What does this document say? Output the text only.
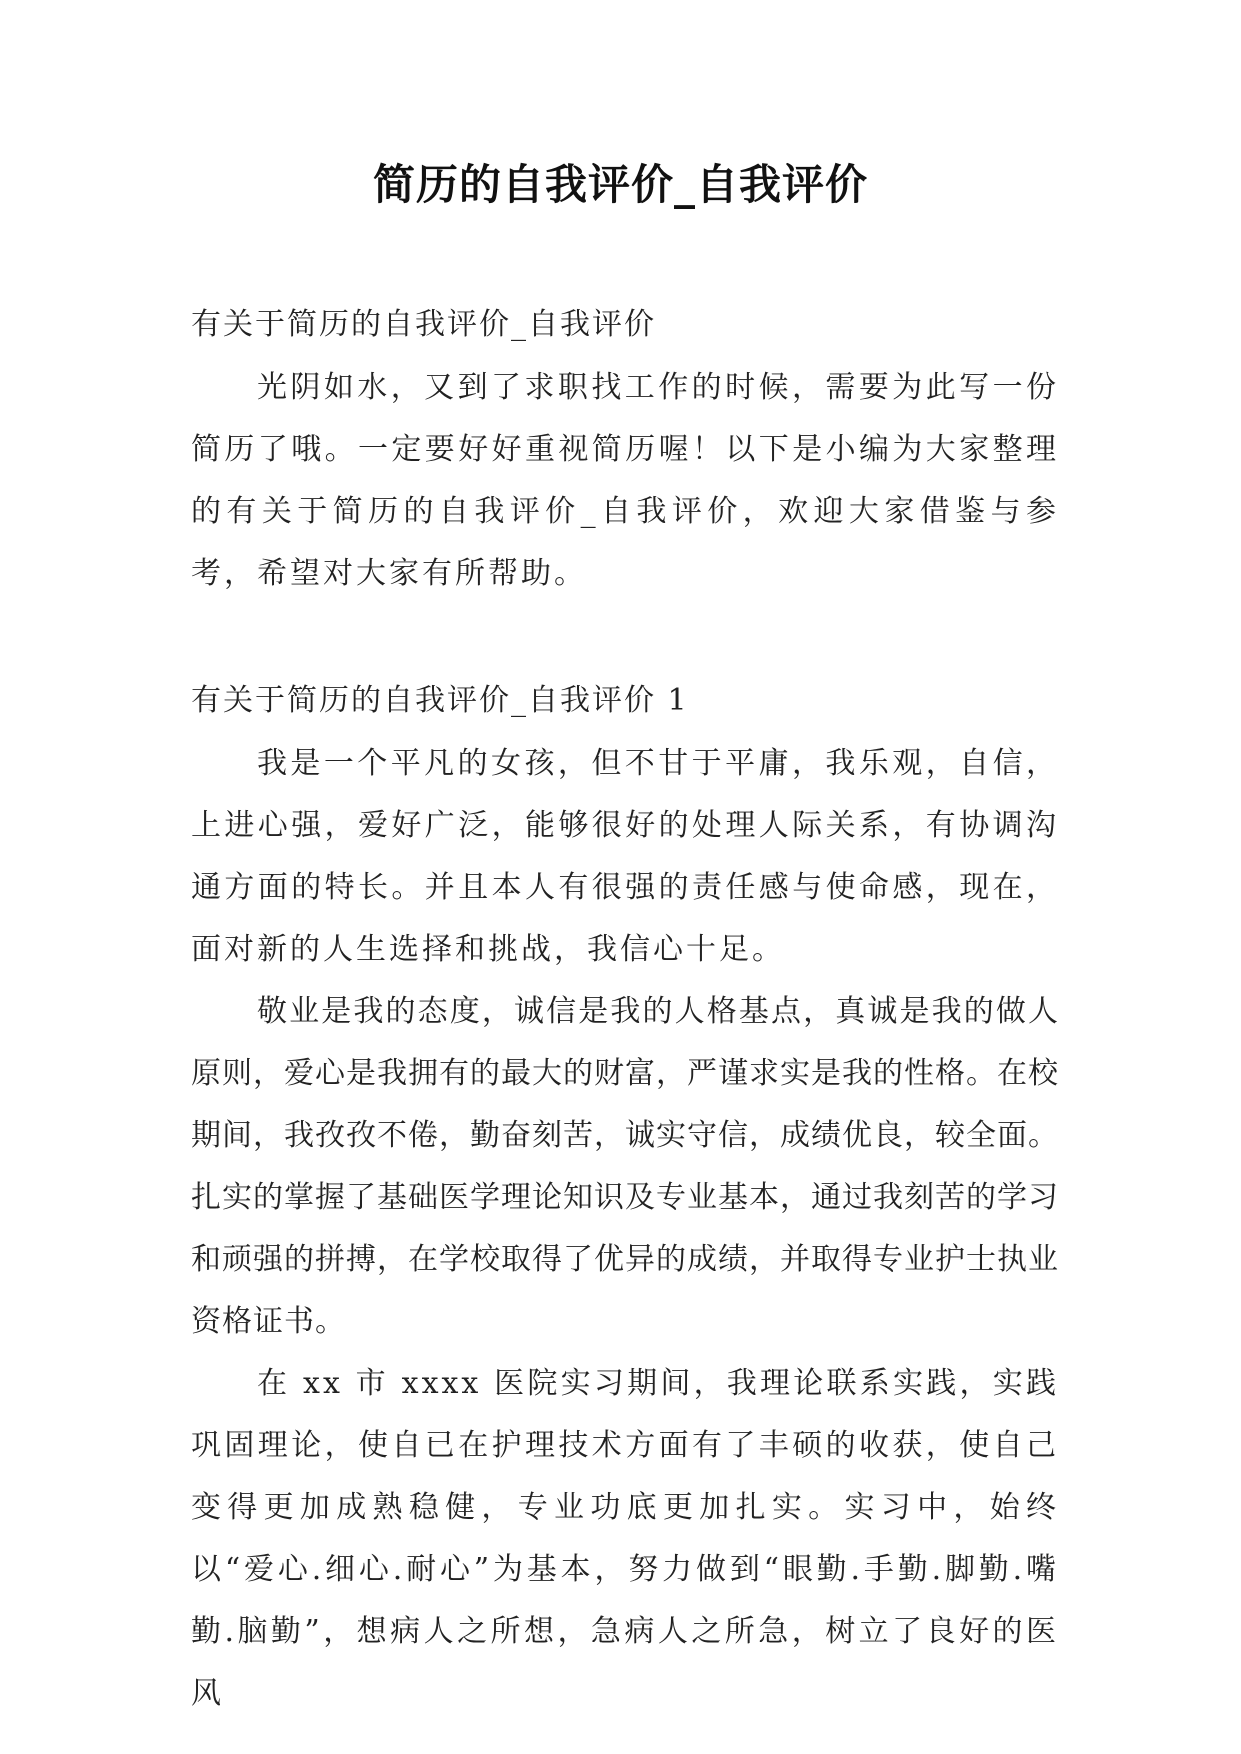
简历的自我评价_自我评价

有关于简历的自我评价_自我评价

光阴如水，又到了求职找工作的时候，需要为此写一份简历了哦。一定要好好重视简历喔！以下是小编为大家整理的有关于简历的自我评价_自我评价，欢迎大家借鉴与参考，希望对大家有所帮助。

有关于简历的自我评价_自我评价 1

我是一个平凡的女孩，但不甘于平庸，我乐观，自信，上进心强，爱好广泛，能够很好的处理人际关系，有协调沟通方面的特长。并且本人有很强的责任感与使命感，现在，面对新的人生选择和挑战，我信心十足。

敬业是我的态度，诚信是我的人格基点，真诚是我的做人原则，爱心是我拥有的最大的财富，严谨求实是我的性格。在校期间，我孜孜不倦，勤奋刻苦，诚实守信，成绩优良，较全面。扎实的掌握了基础医学理论知识及专业基本，通过我刻苦的学习和顽强的拼搏，在学校取得了优异的成绩，并取得专业护士执业资格证书。

在 xx 市 xxxx 医院实习期间，我理论联系实践，实践巩固理论，使自已在护理技术方面有了丰硕的收获，使自己变得更加成熟稳健，专业功底更加扎实。实习中，始终以“爱心.细心.耐心”为基本，努力做到“眼勤.手勤.脚勤.嘴勤.脑勤”，想病人之所想，急病人之所急，树立了良好的医风
